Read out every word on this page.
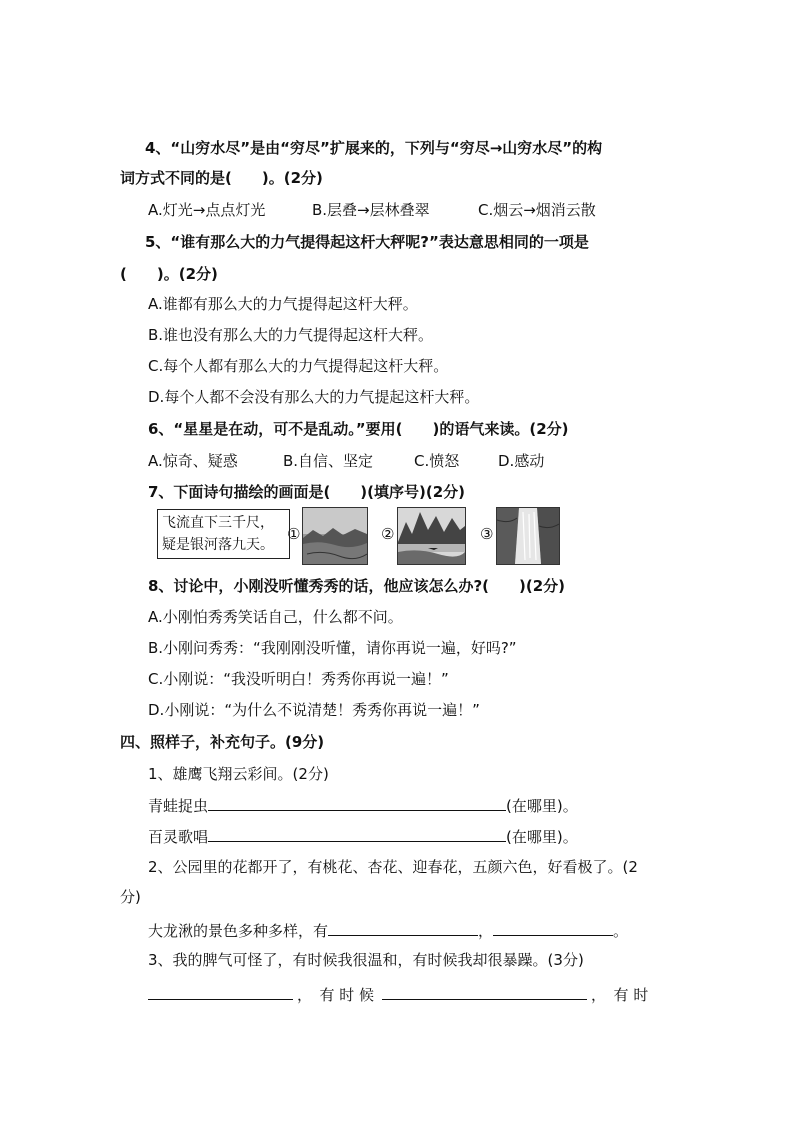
4、“山穷水尽”是由“穷尽”扩展来的，下列与“穷尽→山穷水尽”的构
词方式不同的是(　　)。(2分)
A.灯光→点点灯光	B.层叠→层林叠翠	C.烟云→烟消云散
5、“谁有那么大的力气提得起这杆大秤呢?”表达意思相同的一项是
(　　)。(2分)
A.谁都有那么大的力气提得起这杆大秤。
B.谁也没有那么大的力气提得起这杆大秤。
C.每个人都有那么大的力气提得起这杆大秤。
D.每个人都不会没有那么大的力气提起这杆大秤。
6、“星星是在动，可不是乱动。”要用(　　)的语气来读。(2分)
A.惊奇、疑惑	B.自信、坚定	C.愤怒	D.感动
7、下面诗句描绘的画面是(　　)(填序号)(2分)
飞流直下三千尺，
疑是银河落九天。
①	②	③
8、讨论中，小刚没听懂秀秀的话，他应该怎么办?(　　)(2分)
A.小刚怕秀秀笑话自己，什么都不问。
B.小刚问秀秀：“我刚刚没听懂，请你再说一遍，好吗?”
C.小刚说：“我没听明白！秀秀你再说一遍！”
D.小刚说：“为什么不说清楚！秀秀你再说一遍！”
四、照样子，补充句子。(9分)
1、雄鹰飞翔云彩间。(2分)
青蛙捉虫	(在哪里)。
百灵歌唱	(在哪里)。
2、公园里的花都开了，有桃花、杏花、迎春花，五颜六色，好看极了。(2
分)
大龙湫的景色多种多样，有	，	。
3、我的脾气可怪了，有时候我很温和，有时候我却很暴躁。(3分)
，　有 时 候	，　有 时
